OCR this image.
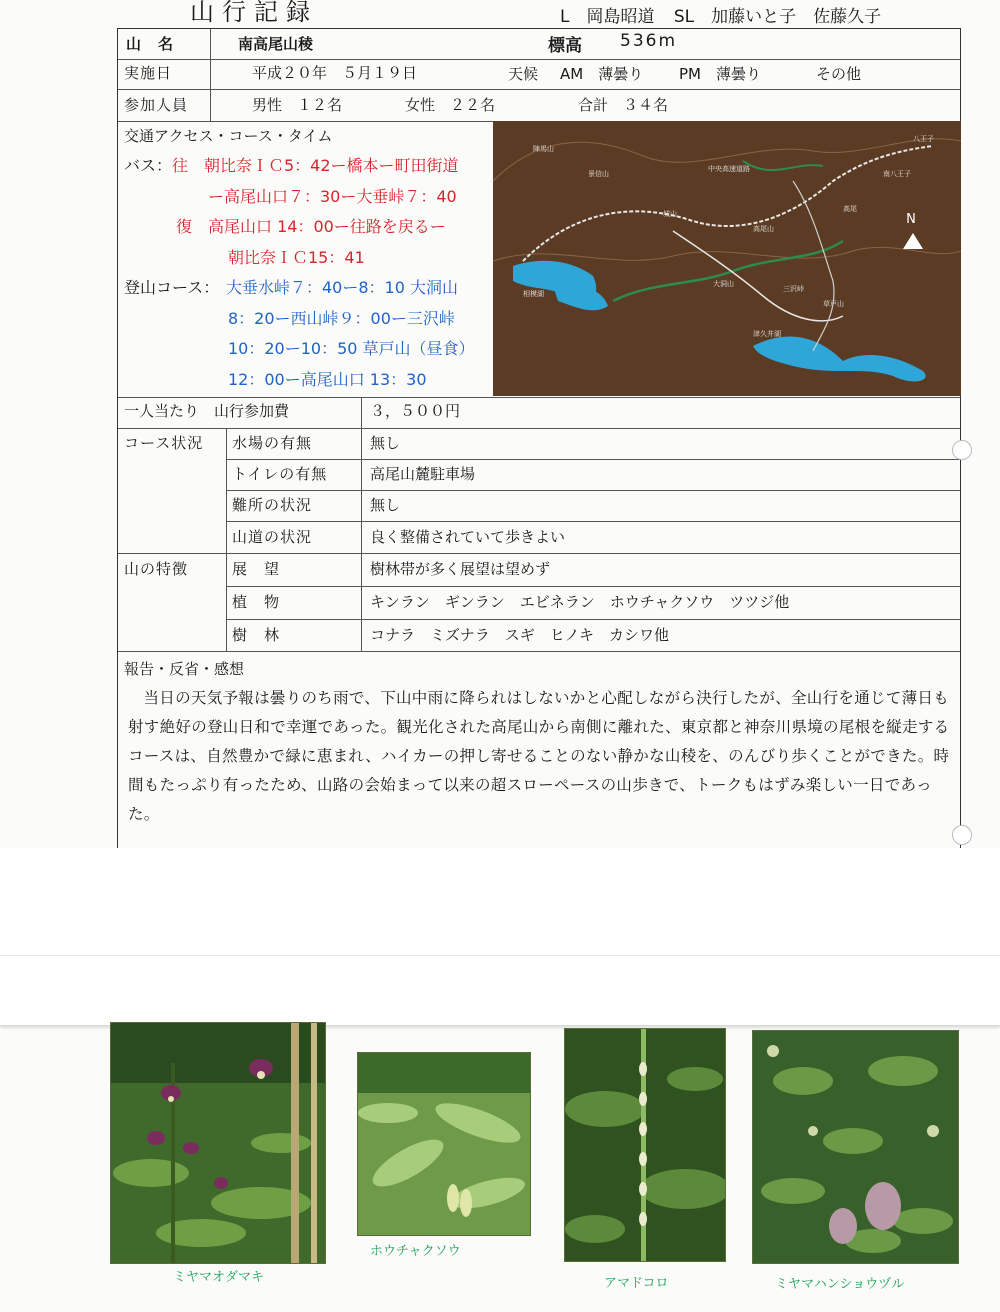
山行記録	L　岡島昭道 SL　加藤いと子　佐藤久子
山　名	南高尾山稜	標高 536m
実施日	平成２０年　５月１９日	天候 AM　薄曇り PM　薄曇り	その他
参加人員	男性　１２名	女性　２２名	合計　３４名
交通アクセス・コース・タイム
バス： 往　朝比奈ＩＣ5：42ー橋本ー町田街道
ー高尾山口７：30ー大垂峠７：40
復　高尾山口 14：00ー往路を戻るー
朝比奈ＩＣ15：41
登山コース： 大垂水峠７：40ー8：10 大洞山
8：20ー西山峠９：00ー三沢峠
10：20ー10：50 草戸山（昼食）
12：00ー高尾山口 13：30
N
陣馬山
景信山
城山
高尾山
大洞山
草戸山
中央高速道路
南八王子
八王子
高尾
相模湖
津久井湖
三沢峠
一人当たり　山行参加費	３，５００円
コース状況 水場の有無	無し
トイレの有無	高尾山麓駐車場
難所の状況	無し
山道の状況	良く整備されていて歩きよい
山の特徴	展　望	樹林帯が多く展望は望めず
植　物	キンラン　ギンラン　エビネラン　ホウチャクソウ　ツツジ他
樹　林	コナラ　ミズナラ　スギ　ヒノキ　カシワ他
報告・反省・感想

当日の天気予報は曇りのち雨で、下山中雨に降られはしないかと心配しながら決行したが、全山行を通じて薄日も射す絶好の登山日和で幸運であった。観光化された高尾山から南側に離れた、東京都と神奈川県境の尾根を縦走するコースは、自然豊かで緑に恵まれ、ハイカーの押し寄せることのない静かな山稜を、のんびり歩くことができた。時間もたっぷり有ったため、山路の会始まって以来の超スローペースの山歩きで、トークもはずみ楽しい一日であった。

ミヤマオダマキ
ホウチャクソウ
アマドコロ	ミヤマハンショウヅル
